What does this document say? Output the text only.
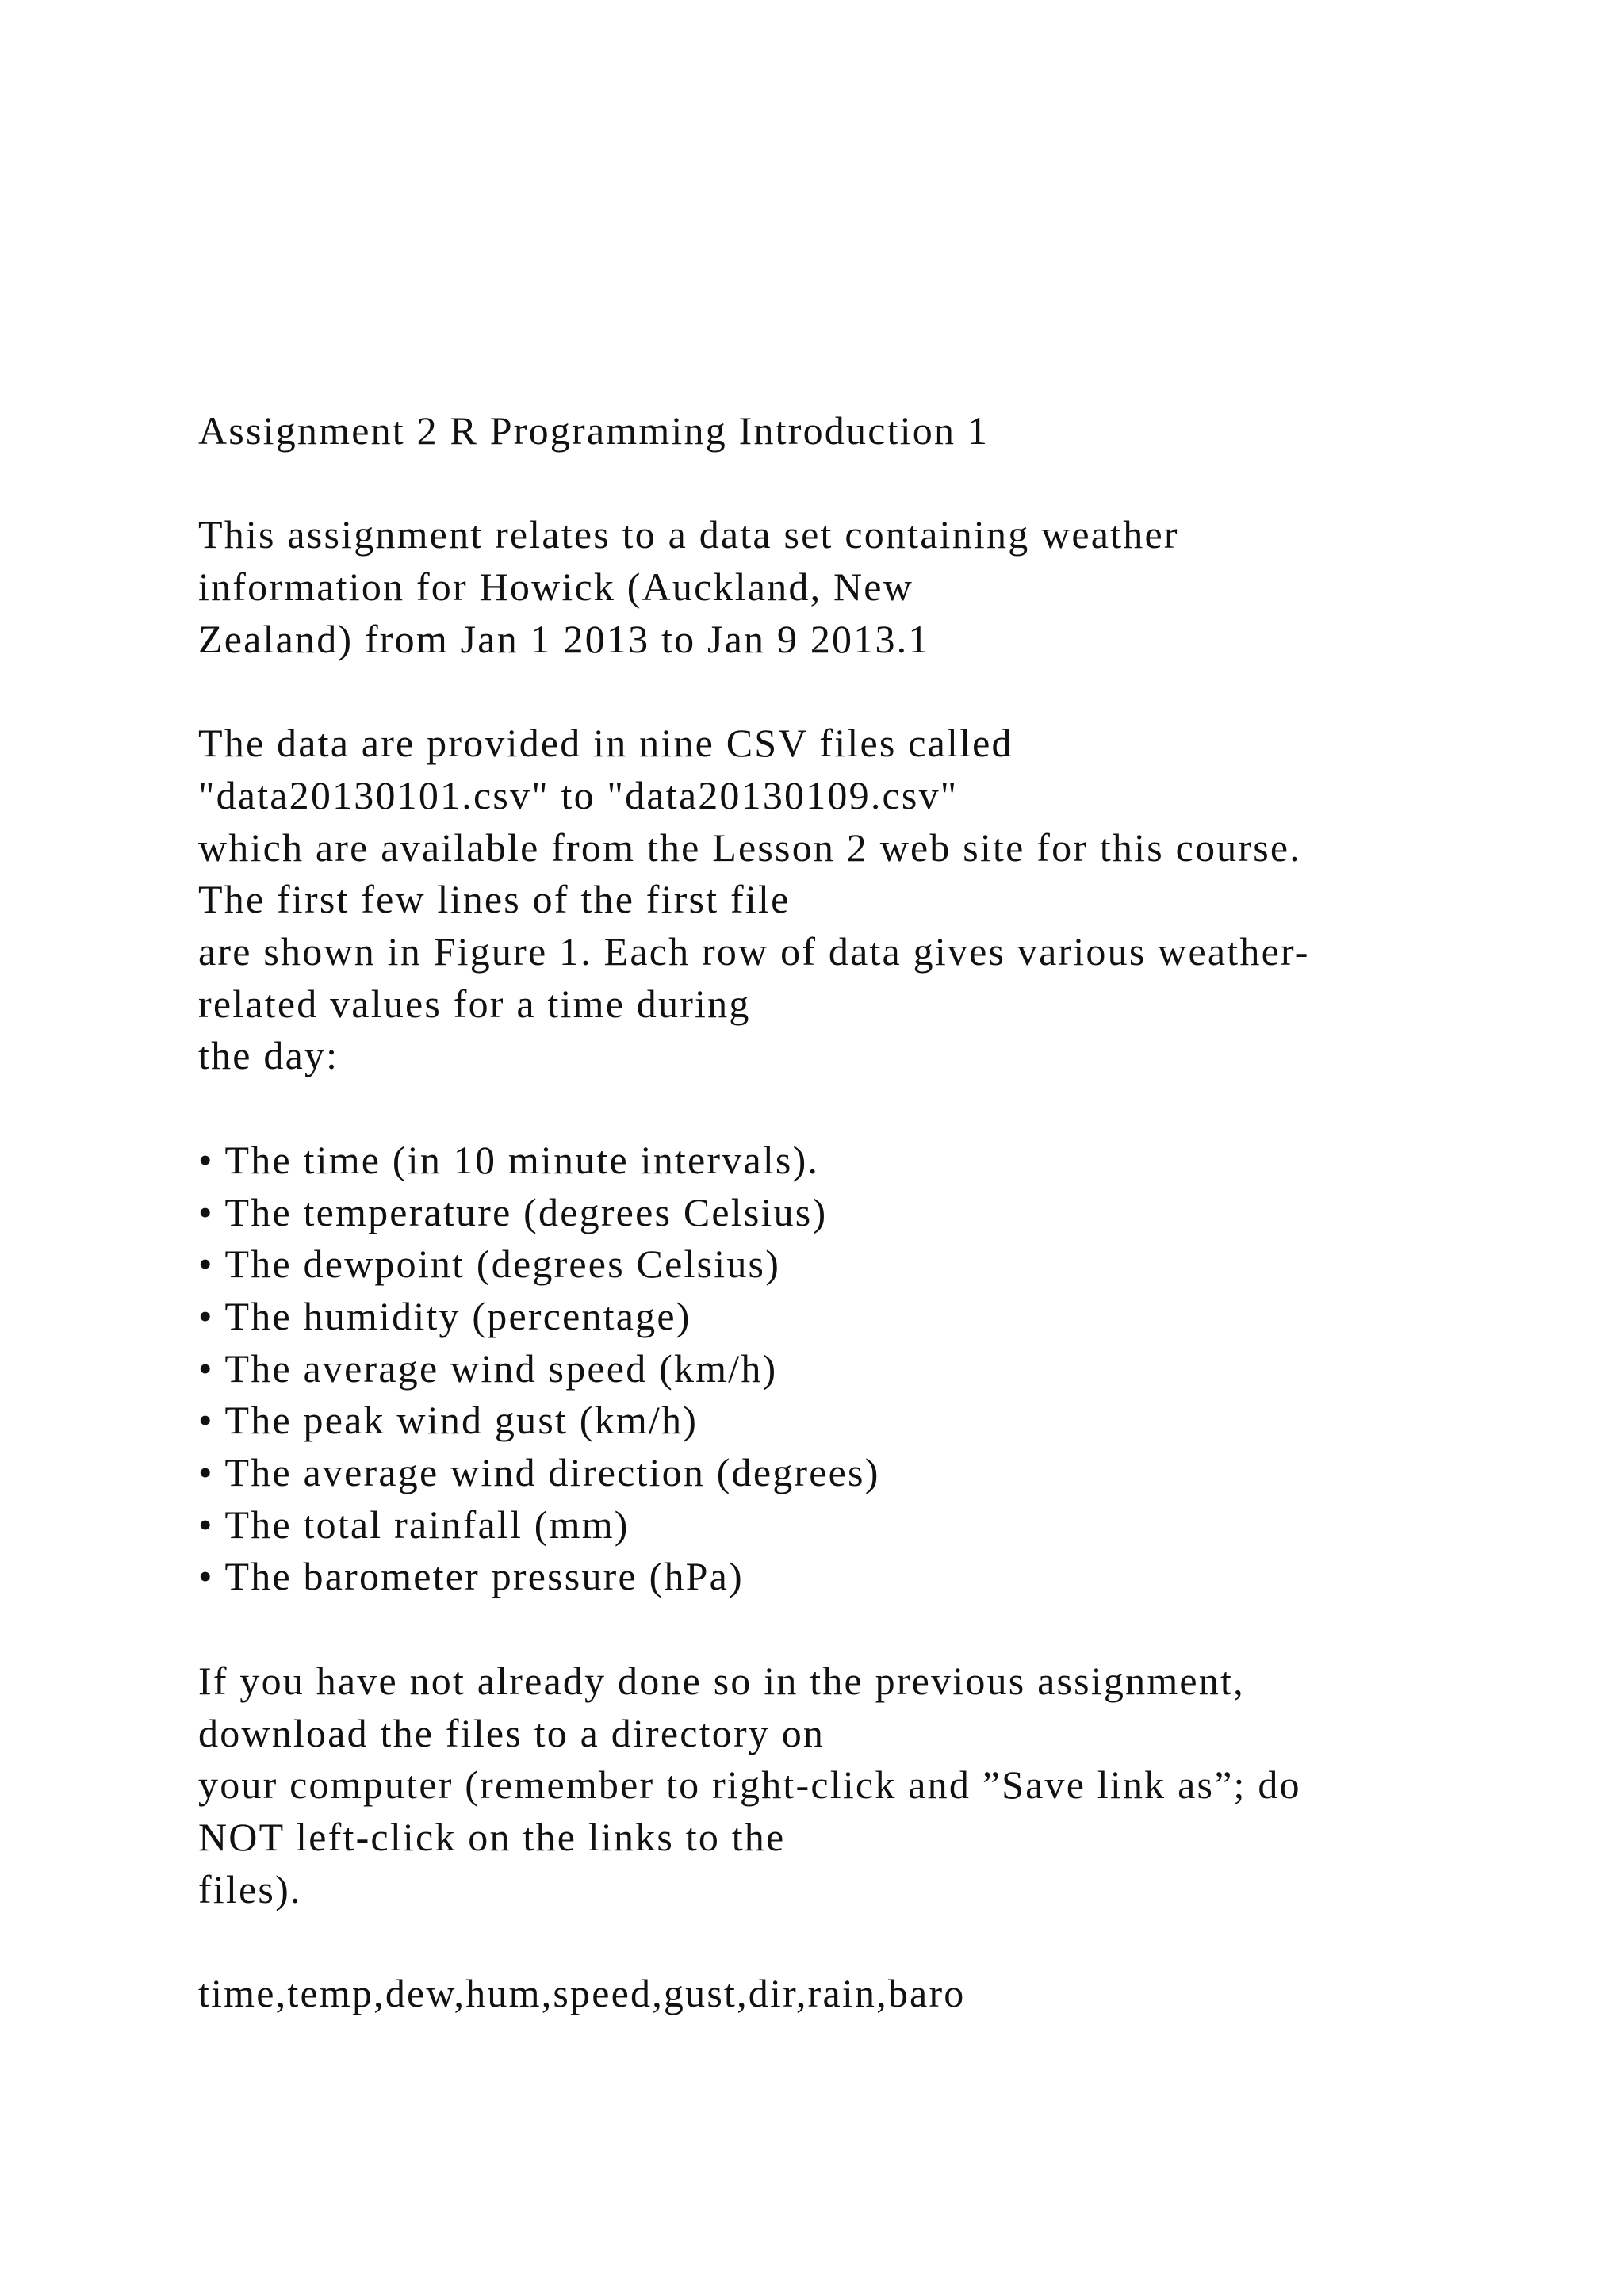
Assignment 2 R Programming Introduction 1
This assignment relates to a data set containing weather
information for Howick (Auckland, New
Zealand) from Jan 1 2013 to Jan 9 2013.1
The data are provided in nine CSV files called
"data20130101.csv" to "data20130109.csv"
which are available from the Lesson 2 web site for this course.
The first few lines of the first file
are shown in Figure 1. Each row of data gives various weather-
related values for a time during
the day:
• The time (in 10 minute intervals).
• The temperature (degrees Celsius)
• The dewpoint (degrees Celsius)
• The humidity (percentage)
• The average wind speed (km/h)
• The peak wind gust (km/h)
• The average wind direction (degrees)
• The total rainfall (mm)
• The barometer pressure (hPa)
If you have not already done so in the previous assignment,
download the files to a directory on
your computer (remember to right-click and ”Save link as”; do
NOT left-click on the links to the
files).
time,temp,dew,hum,speed,gust,dir,rain,baro
